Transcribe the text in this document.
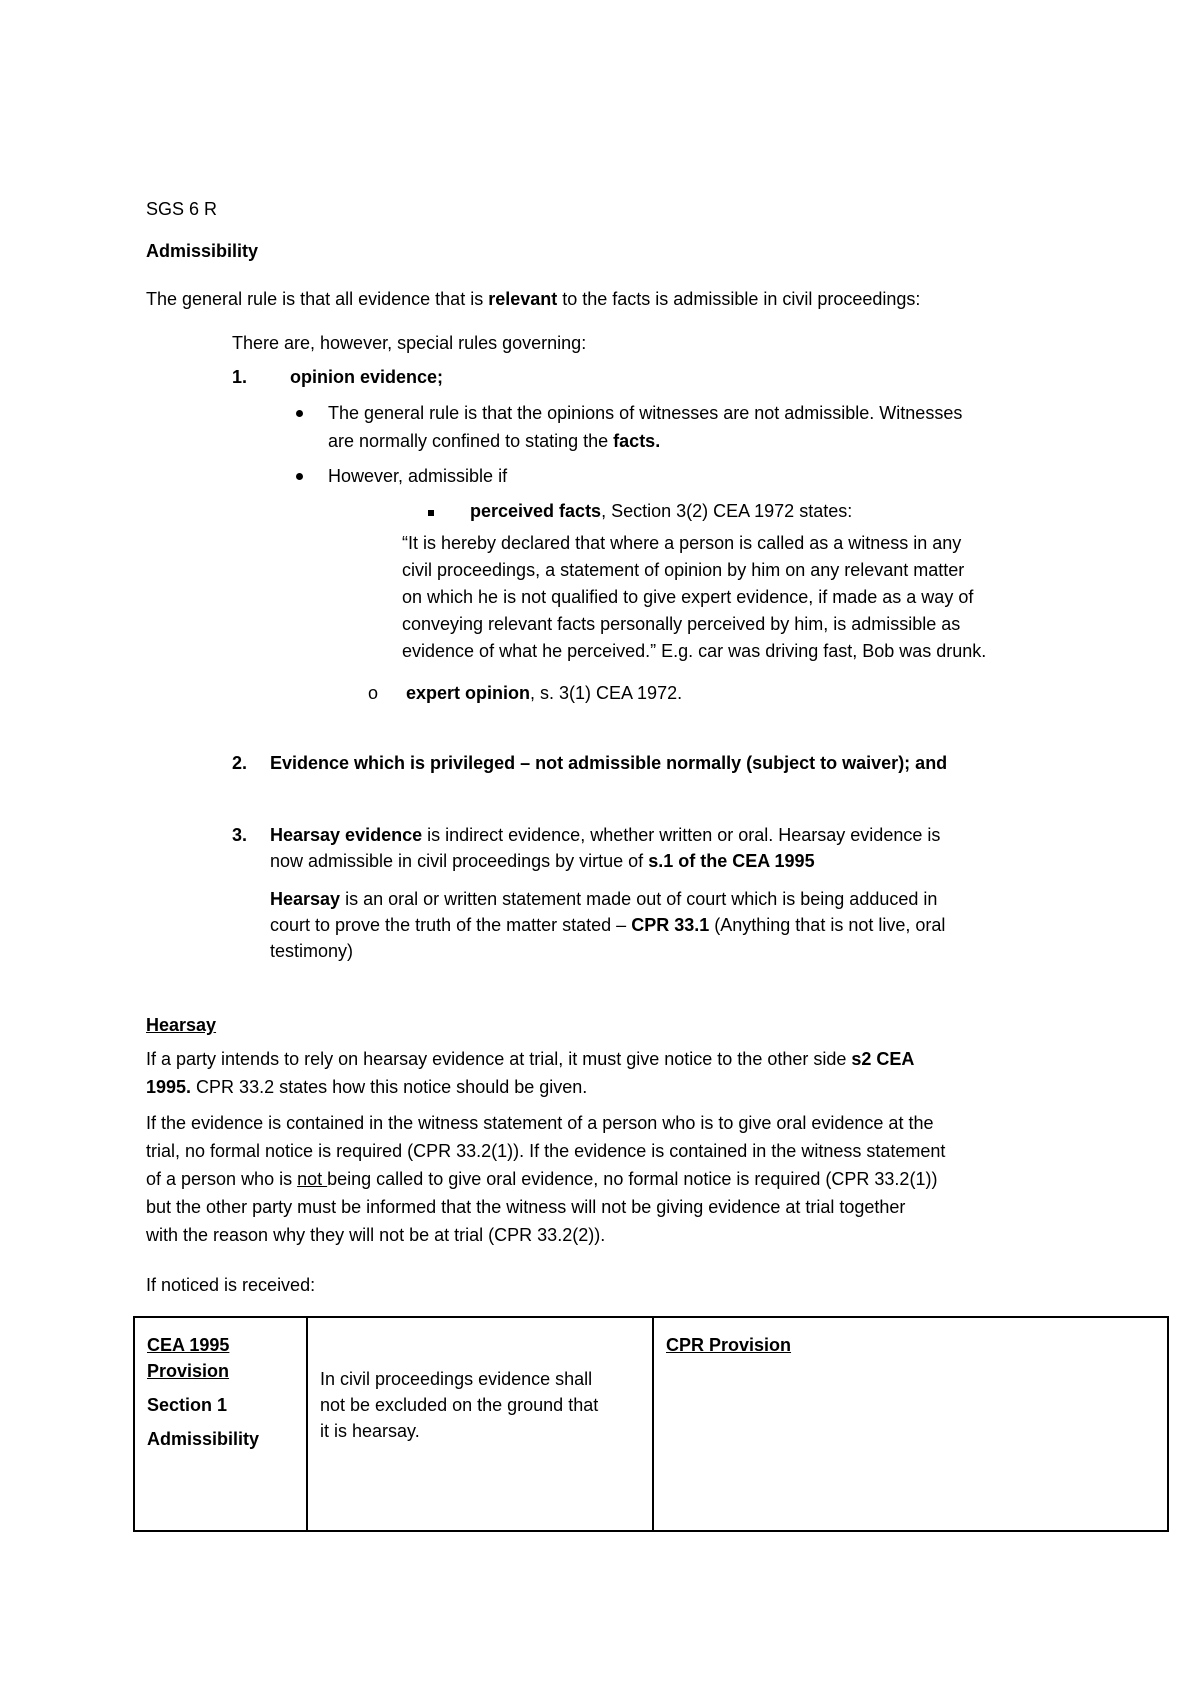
SGS 6 R
Admissibility
The general rule is that all evidence that is relevant to the facts is admissible in civil proceedings:
There are, however, special rules governing:
1. opinion evidence;
The general rule is that the opinions of witnesses are not admissible. Witnesses
are normally confined to stating the facts.
However, admissible if
perceived facts, Section 3(2) CEA 1972 states:

“It is hereby declared that where a person is called as a witness in any

civil proceedings, a statement of opinion by him on any relevant matter

on which he is not qualified to give expert evidence, if made as a way of

conveying relevant facts personally perceived by him, is admissible as

evidence of what he perceived.” E.g. car was driving fast, Bob was drunk.

o expert opinion, s. 3(1) CEA 1972.
2. Evidence which is privileged – not admissible normally (subject to waiver); and
3. Hearsay evidence is indirect evidence, whether written or oral. Hearsay evidence is
now admissible in civil proceedings by virtue of s.1 of the CEA 1995
Hearsay is an oral or written statement made out of court which is being adduced in
court to prove the truth of the matter stated – CPR 33.1 (Anything that is not live, oral
testimony)
Hearsay
If a party intends to rely on hearsay evidence at trial, it must give notice to the other side s2 CEA
1995. CPR 33.2 states how this notice should be given.
If the evidence is contained in the witness statement of a person who is to give oral evidence at the
trial, no formal notice is required (CPR 33.2(1)). If the evidence is contained in the witness statement
of a person who is not being called to give oral evidence, no formal notice is required (CPR 33.2(1))
but the other party must be informed that the witness will not be giving evidence at trial together
with the reason why they will not be at trial (CPR 33.2(2)).
If noticed is received:
CEA 1995
Provision
Section 1
Admissibility
In civil proceedings evidence shall
not be excluded on the ground that
it is hearsay.
CPR Provision
